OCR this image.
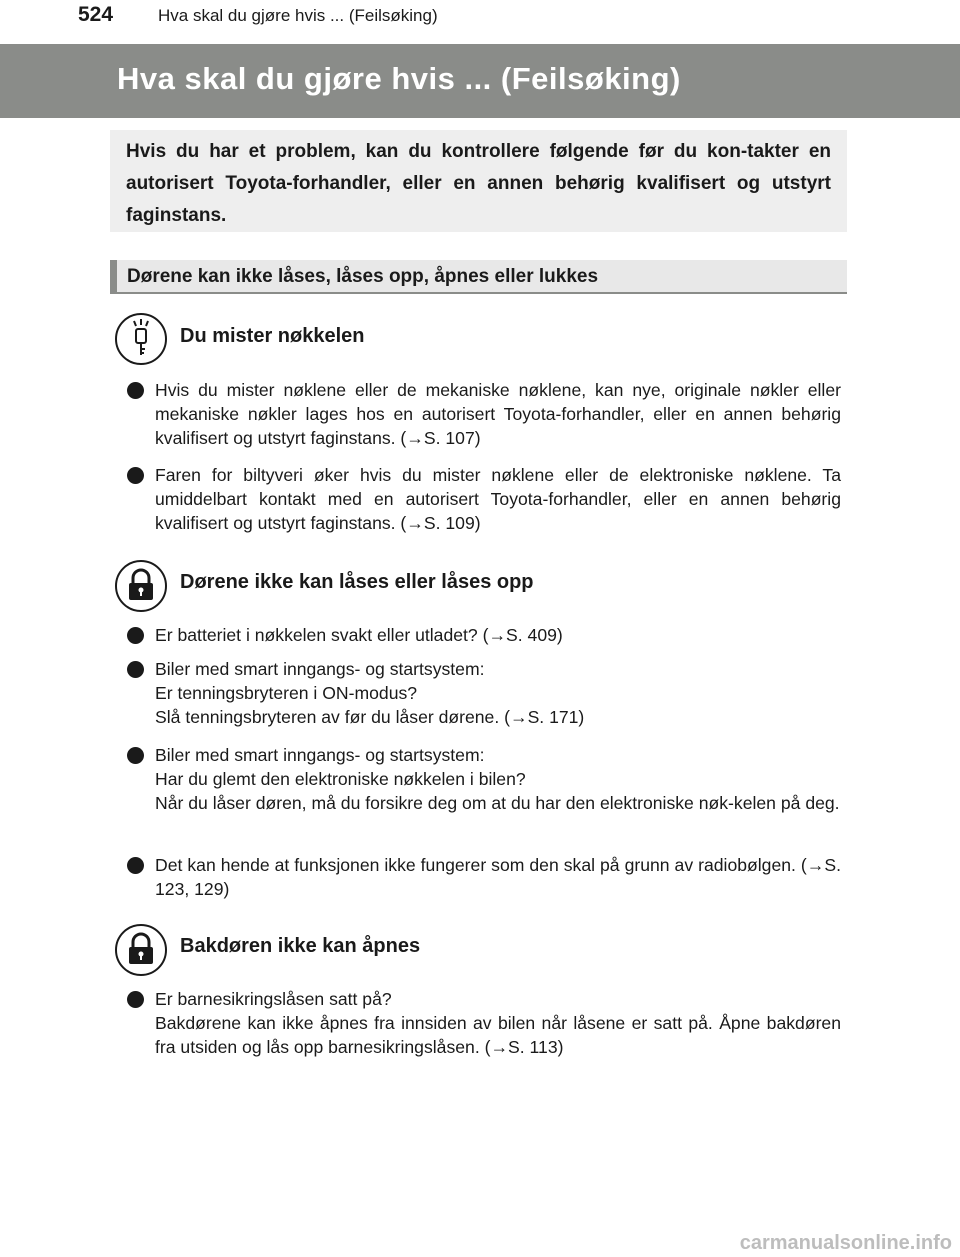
524	Hva skal du gjøre hvis ... (Feilsøking)
Hva skal du gjøre hvis ... (Feilsøking)

Hvis du har et problem, kan du kontrollere følgende før du kon-takter en autorisert Toyota-forhandler, eller en annen behørig kvalifisert og utstyrt faginstans.

Dørene kan ikke låses, låses opp, åpnes eller lukkes
Du mister nøkkelen
Hvis du mister nøklene eller de mekaniske nøklene, kan nye, originale nøkler eller mekaniske nøkler lages hos en autorisert Toyota-forhandler, eller en annen behørig kvalifisert og utstyrt faginstans. (→S. 107)
Faren for biltyveri øker hvis du mister nøklene eller de elektroniske nøklene. Ta umiddelbart kontakt med en autorisert Toyota-forhandler, eller en annen behørig kvalifisert og utstyrt faginstans. (→S. 109)
Dørene ikke kan låses eller låses opp
Er batteriet i nøkkelen svakt eller utladet? (→S. 409)
Biler med smart inngangs- og startsystem:
Er tenningsbryteren i ON-modus?
Slå tenningsbryteren av før du låser dørene. (→S. 171)
Biler med smart inngangs- og startsystem:
Har du glemt den elektroniske nøkkelen i bilen?
Når du låser døren, må du forsikre deg om at du har den elektroniske nøk-kelen på deg.
Det kan hende at funksjonen ikke fungerer som den skal på grunn av radiobølgen. (→S. 123, 129)
Bakdøren ikke kan åpnes
Er barnesikringslåsen satt på?
Bakdørene kan ikke åpnes fra innsiden av bilen når låsene er satt på. Åpne bakdøren fra utsiden og lås opp barnesikringslåsen. (→S. 113)
carmanualsonline.info
